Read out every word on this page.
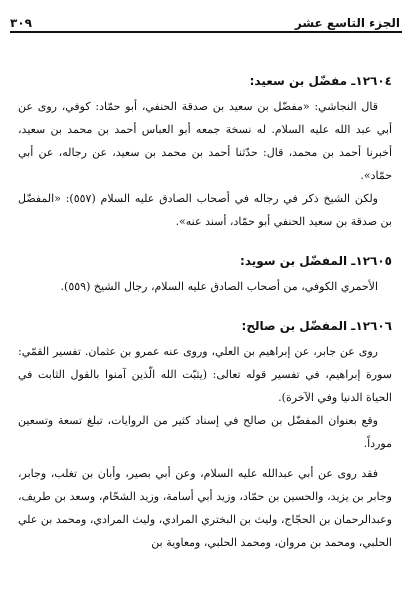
الجزء التاسع عشر
٣٠٩
١٢٦٠٤ـ مفضّل بن سعيد:

قال النجاشي: «مفضّل بن سعيد بن صدقة الحنفي، أبو حمّاد: كوفي، روى عن أبي عبد الله عليه السلام. له نسخة جمعه أبو العباس أحمد بن محمد بن سعيد، أخبرنا أحمد بن محمد، قال: حدّثنا أحمد بن محمد بن سعيد، عن رجاله، عن أبي حمّاد».

ولكن الشيخ ذكر في رجاله في أصحاب الصادق عليه السلام (٥٥٧): «المفضّل بن صدقة بن سعيد الحنفي أبو حمّاد، أسند عنه».

١٢٦٠٥ـ المفضّل بن سويد:

الأحمري الكوفي، من أصحاب الصادق عليه السلام، رجال الشيخ (٥٥٩).

١٢٦٠٦ـ المفضّل بن صالح:

روى عن جابر، عن إبراهيم بن العلي، وروى عنه عمرو بن عثمان. تفسير القمّي: سورة إبراهيم، في تفسير قوله تعالى: (يثبّت الله الّذين آمنوا بالقول الثابت في الحياة الدنيا وفي الآخرة).

وقع بعنوان المفضّل بن صالح في إسناد كثير من الروايات، تبلغ تسعة وتسعين مورداً.

فقد روى عن أبي عبدالله عليه السلام، وعن أبي بصير، وأبان بن تغلب، وجابر، وجابر بن يزيد، والحسين بن حمّاد، وزيد أبي أسامة، وزيد الشحّام، وسعد بن طريف، وعبدالرحمان بن الحجّاج، وليث بن البختري المرادي، وليث المرادي، ومحمد بن علي الحلبي، ومحمد بن مروان، ومحمد الحلبي، ومعاوية بن
